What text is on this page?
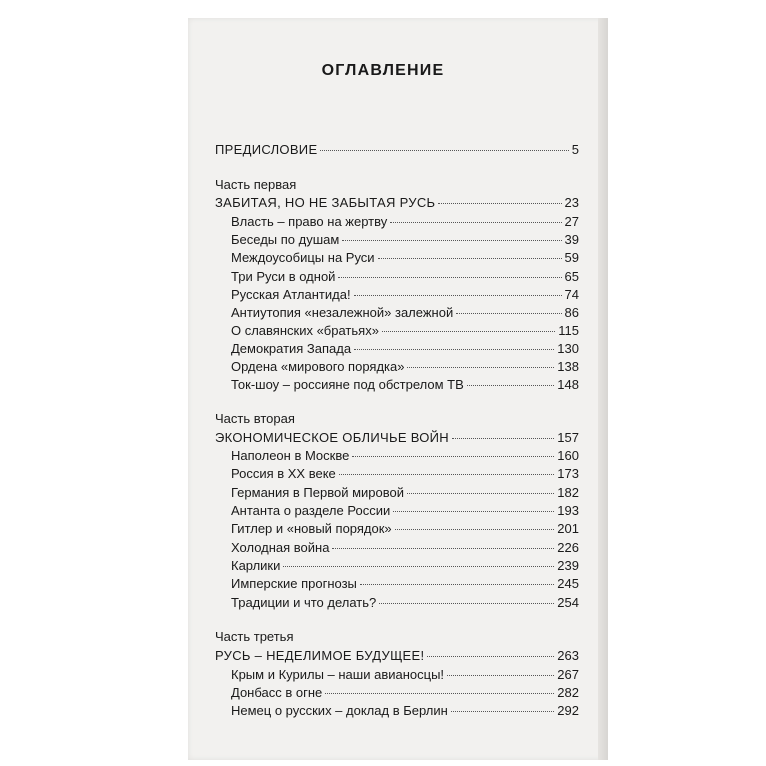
ОГЛАВЛЕНИЕ
ПРЕДИСЛОВИЕ	5
Часть первая
ЗАБИТАЯ, НО НЕ ЗАБЫТАЯ РУСЬ	23
Власть – право на жертву	27
Беседы по душам	39
Междоусобицы на Руси	59
Три Руси в одной	65
Русская Атлантида!	74
Антиутопия «незалежной» залежной	86
О славянских «братьях»	115
Демократия Запада	130
Ордена «мирового порядка»	138
Ток-шоу – россияне под обстрелом ТВ	148
Часть вторая
ЭКОНОМИЧЕСКОЕ ОБЛИЧЬЕ ВОЙН	157
Наполеон в Москве	160
Россия в XX веке	173
Германия в Первой мировой	182
Антанта о разделе России	193
Гитлер и «новый порядок»	201
Холодная война	226
Карлики	239
Имперские прогнозы	245
Традиции и что делать?	254
Часть третья
РУСЬ – НЕДЕЛИМОЕ БУДУЩЕЕ!	263
Крым и Курилы – наши авианосцы!	267
Донбасс в огне	282
Немец о русских – доклад в Берлин	292
